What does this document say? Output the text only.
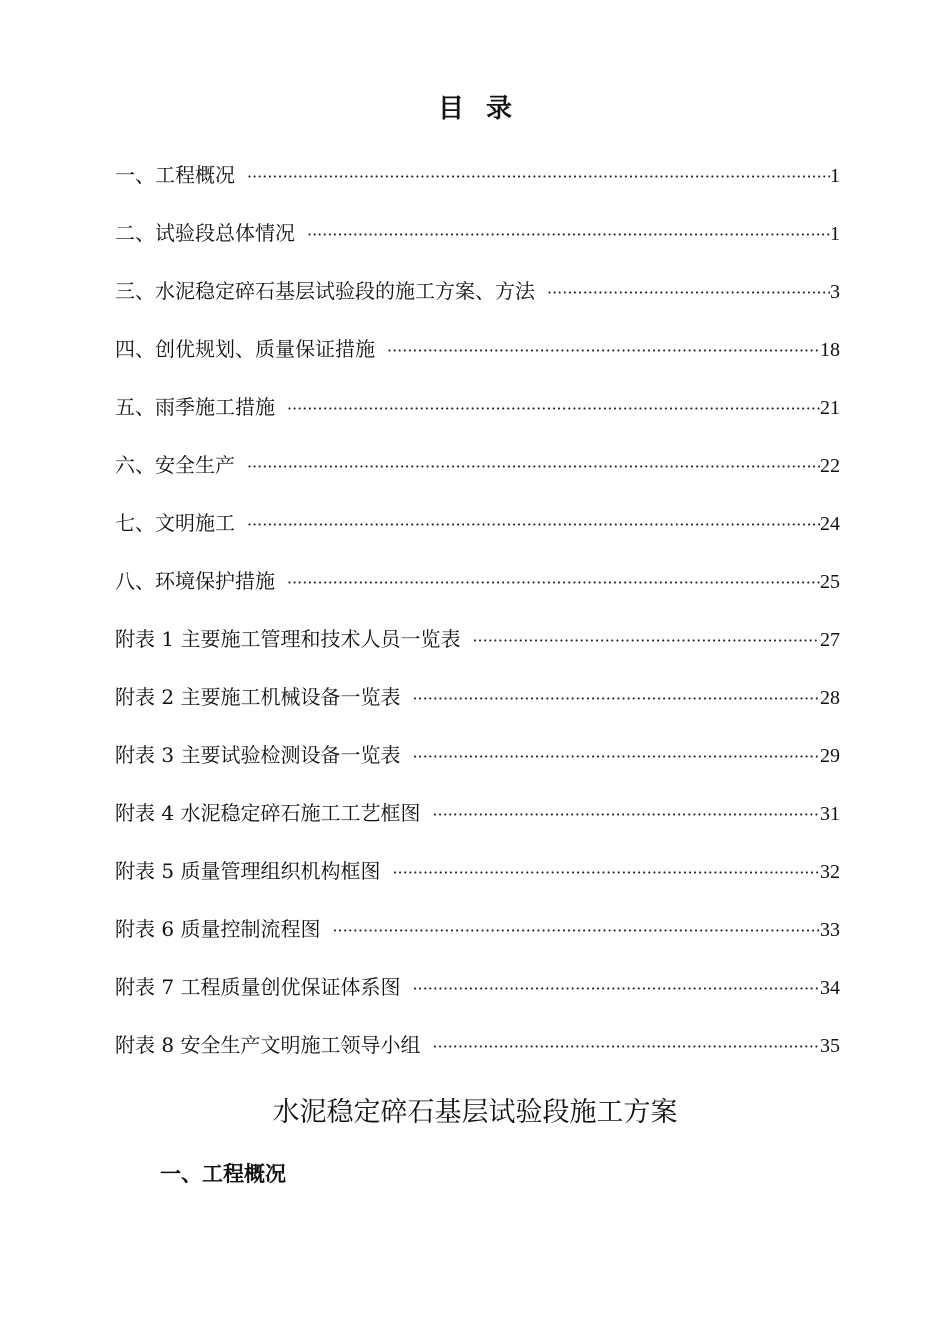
目录
一、工程概况 ·····	1
二、试验段总体情况 ·····	1
三、水泥稳定碎石基层试验段的施工方案、方法 ·····	3
四、创优规划、质量保证措施 ·····	18
五、雨季施工措施 ·····	21
六、安全生产 ·····	22
七、文明施工 ·····	24
八、环境保护措施 ·····	25
附表 1 主要施工管理和技术人员一览表 ·····	27
附表 2 主要施工机械设备一览表 ·····	28
附表 3 主要试验检测设备一览表 ·····	29
附表 4 水泥稳定碎石施工工艺框图 ·····	31
附表 5 质量管理组织机构框图 ·····	32
附表 6 质量控制流程图 ·····	33
附表 7 工程质量创优保证体系图 ·····	34
附表 8 安全生产文明施工领导小组 ·····	35
水泥稳定碎石基层试验段施工方案
一、工程概况
